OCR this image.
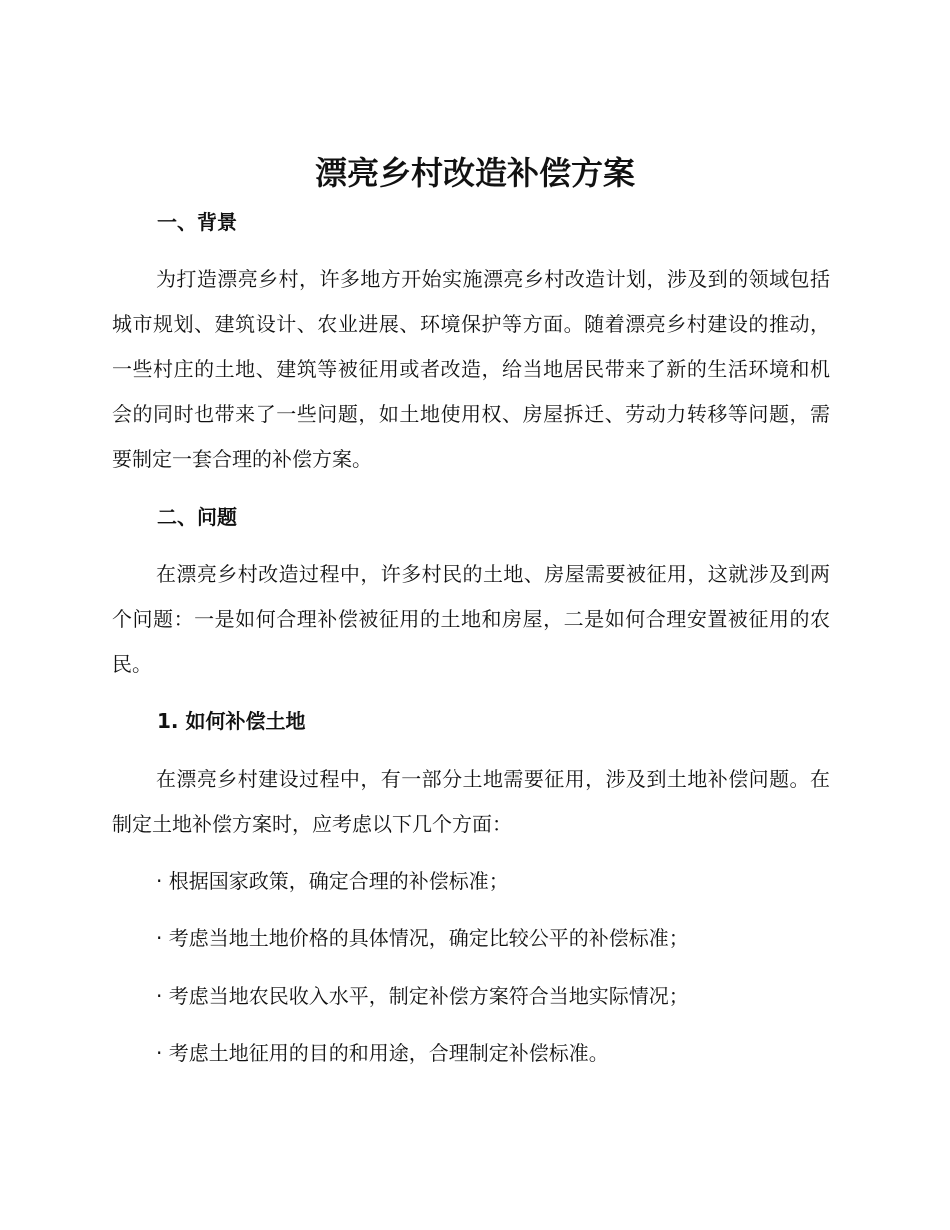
漂亮乡村改造补偿方案
一、背景

为打造漂亮乡村，许多地方开始实施漂亮乡村改造计划，涉及到的领域包括城市规划、建筑设计、农业进展、环境保护等方面。随着漂亮乡村建设的推动，一些村庄的土地、建筑等被征用或者改造，给当地居民带来了新的生活环境和机会的同时也带来了一些问题，如土地使用权、房屋拆迁、劳动力转移等问题，需要制定一套合理的补偿方案。

二、问题

在漂亮乡村改造过程中，许多村民的土地、房屋需要被征用，这就涉及到两个问题：一是如何合理补偿被征用的土地和房屋，二是如何合理安置被征用的农民。

1. 如何补偿土地

在漂亮乡村建设过程中，有一部分土地需要征用，涉及到土地补偿问题。在制定土地补偿方案时，应考虑以下几个方面：

· 根据国家政策，确定合理的补偿标准；

· 考虑当地土地价格的具体情况，确定比较公平的补偿标准；

· 考虑当地农民收入水平，制定补偿方案符合当地实际情况；

· 考虑土地征用的目的和用途，合理制定补偿标准。
